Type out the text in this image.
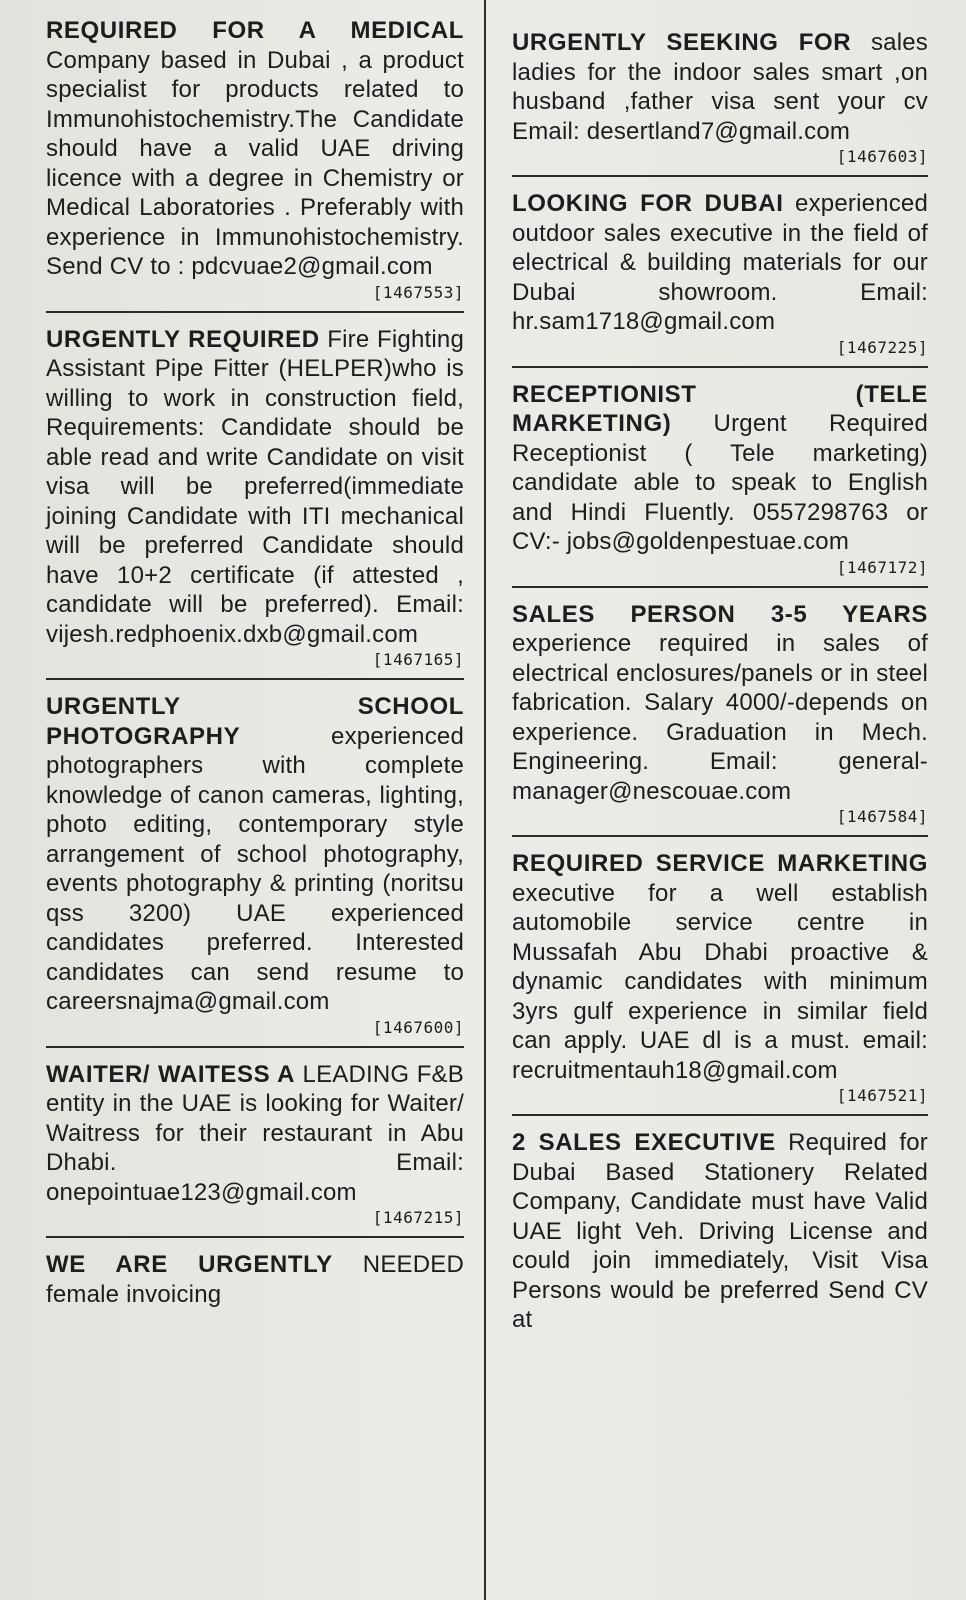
REQUIRED FOR A MEDICAL Company based in Dubai , a product specialist for products related to Immunohistochemistry.The Candidate should have a valid UAE driving licence with a degree in Chemistry or Medical Laboratories . Preferably with experience in Immunohistochemistry. Send CV to : pdcvuae2@gmail.com

[1467553]

URGENTLY REQUIRED Fire Fighting Assistant Pipe Fitter (HELPER)who is willing to work in construction field, Requirements: Candidate should be able read and write Candidate on visit visa will be preferred(immediate joining Candidate with ITI mechanical will be preferred Candidate should have 10+2 certificate (if attested , candidate will be preferred). Email: vijesh.redphoenix.dxb@gmail.com

[1467165]

URGENTLY SCHOOL PHOTOGRAPHY	experienced photographers with complete knowledge of canon cameras, lighting, photo editing, contemporary style arrangement of school photography, events photography & printing (noritsu qss 3200) UAE experienced candidates preferred. Interested candidates can send resume to careersnajma@gmail.com

[1467600]

WAITER/ WAITESS A LEADING F&B entity in the UAE is looking for Waiter/ Waitress for their restaurant in Abu Dhabi. Email: onepointuae123@gmail.com

[1467215]

WE ARE URGENTLY NEEDED female invoicing

URGENTLY SEEKING FOR sales ladies for the indoor sales smart ,on husband ,father visa sent your cv Email: desertland7@gmail.com

[1467603]

LOOKING FOR DUBAI experienced outdoor sales executive in the field of electrical & building materials for our Dubai showroom. Email: hr.sam1718@gmail.com

[1467225]

RECEPTIONIST (TELE MARKETING) Urgent Required Receptionist ( Tele marketing) candidate able to speak to English and Hindi Fluently. 0557298763 or CV:- jobs@goldenpestuae.com

[1467172]

SALES PERSON 3-5 YEARS experience required in sales of electrical enclosures/panels or in steel fabrication. Salary 4000/-depends on experience. Graduation in Mech. Engineering. Email: general-manager@nescouae.com

[1467584]

REQUIRED SERVICE MARKETING executive for a well establish automobile service centre in Mussafah Abu Dhabi proactive & dynamic candidates with minimum 3yrs gulf experience in similar field can apply. UAE dl is a must. email: recruitmentauh18@gmail.com

[1467521]

2 SALES EXECUTIVE Required for Dubai Based Stationery Related Company, Candidate must have Valid UAE light Veh. Driving License and could join immediately, Visit Visa Persons would be preferred Send CV at
